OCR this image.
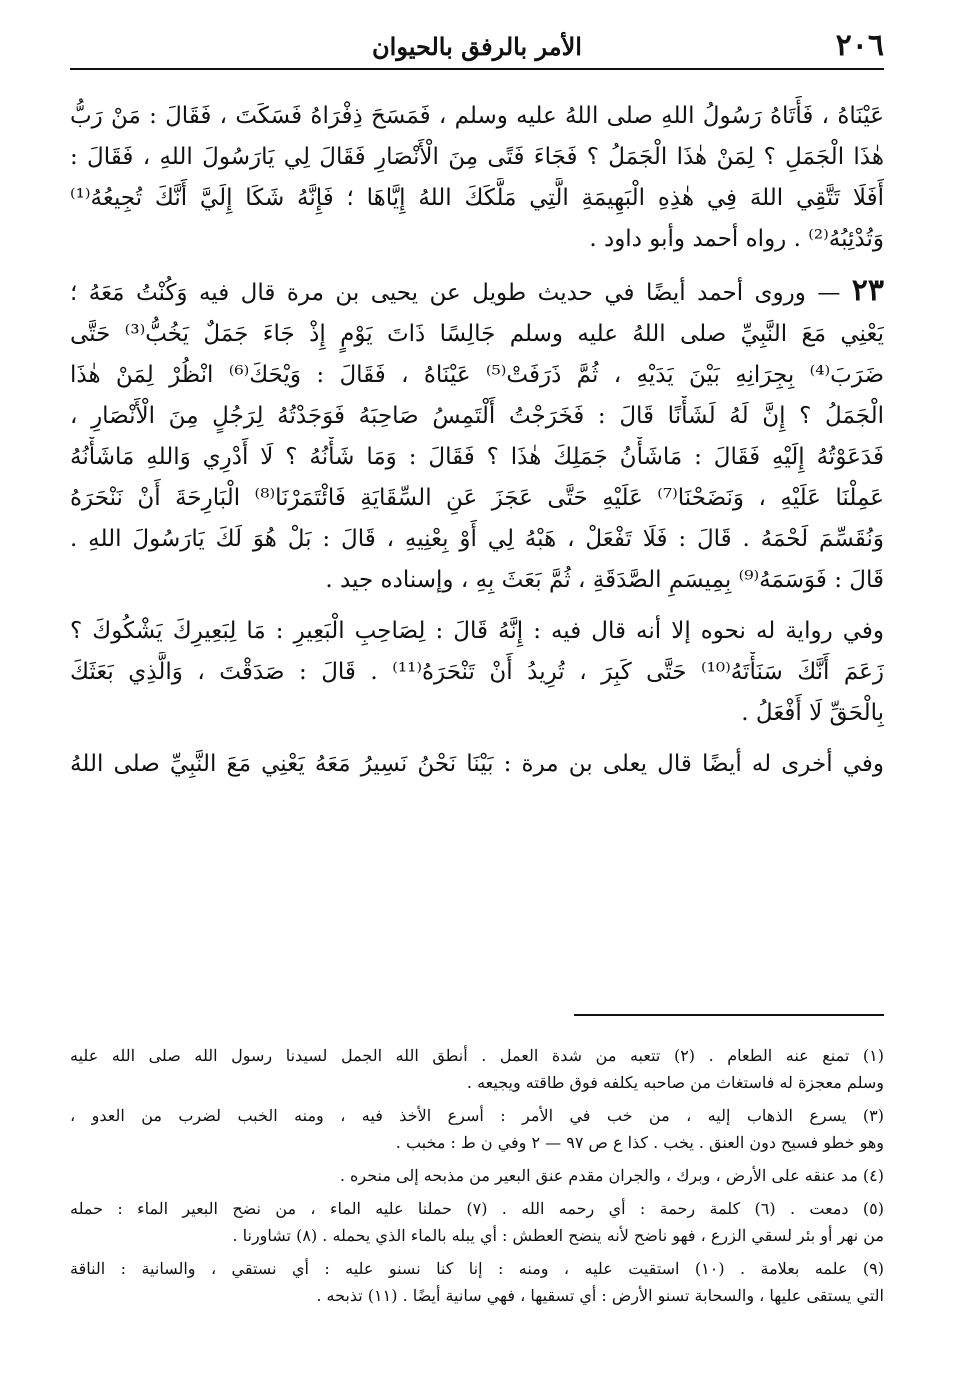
٢٠٦
الأمر بالرفق بالحيوان
عَيْنَاهُ ، فَأَتَاهُ رَسُولُ اللهِ صلى اللهُ عليه وسلم ، فَمَسَحَ ذِفْرَاهُ فَسَكَتَ ، فَقَالَ : مَنْ رَبُّ
هٰذَا الْجَمَلِ ؟ لِمَنْ هٰذَا الْجَمَلُ ؟ فَجَاءَ فَتًى مِنَ الْأَنْصَارِ فَقَالَ لِي يَارَسُولَ اللهِ ، فَقَالَ :
أَفَلَا تَتَّقِي اللهَ فِي هٰذِهِ الْبَهِيمَةِ الَّتِي مَلَّكَكَ اللهُ إِيَّاهَا ؛ فَإِنَّهُ شَكَا إِلَيَّ أَنَّكَ تُجِيعُهُ⁽¹⁾
وَتُدْئِبُهُ⁽²⁾ . رواه أحمد وأبو داود .
٢٣ — وروى أحمد أيضًا في حديث طويل عن يحيى بن مرة قال فيه وَكُنْتُ مَعَهُ ؛
يَعْنِي مَعَ النَّبِيِّ صلى اللهُ عليه وسلم جَالِسًا ذَاتَ يَوْمٍ إِذْ جَاءَ جَمَلٌ يَخُبُّ⁽³⁾ حَتَّى
ضَرَبَ⁽⁴⁾ بِجِرَانِهِ بَيْنَ يَدَيْهِ ، ثُمَّ ذَرَفَتْ⁽⁵⁾ عَيْنَاهُ ، فَقَالَ : وَيْحَكَ⁽⁶⁾ انْظُرْ لِمَنْ هٰذَا
الْجَمَلُ ؟ إِنَّ لَهُ لَشَأْنًا قَالَ : فَخَرَجْتُ أَلْتَمِسُ صَاحِبَهُ فَوَجَدْتُهُ لِرَجُلٍ مِنَ الْأَنْصَارِ ،
فَدَعَوْتُهُ إِلَيْهِ فَقَالَ : مَاشَأْنُ جَمَلِكَ هٰذَا ؟ فَقَالَ : وَمَا شَأْنُهُ ؟ لَا أَدْرِي وَاللهِ مَاشَأْنُهُ
عَمِلْنَا عَلَيْهِ ، وَنَضَحْنَا⁽⁷⁾ عَلَيْهِ حَتَّى عَجَزَ عَنِ السِّقَايَةِ فَائْتَمَرْنَا⁽⁸⁾ الْبَارِحَةَ أَنْ نَنْحَرَهُ
وَنُقَسِّمَ لَحْمَهُ . قَالَ : فَلَا تَفْعَلْ ، هَبْهُ لِي أَوْ بِعْنِيهِ ، قَالَ : بَلْ هُوَ لَكَ يَارَسُولَ اللهِ .
قَالَ : فَوَسَمَهُ⁽⁹⁾ بِمِيسَمِ الصَّدَقَةِ ، ثُمَّ بَعَثَ بِهِ ، وإسناده جيد .
وفي رواية له نحوه إلا أنه قال فيه : إِنَّهُ قَالَ : لِصَاحِبِ الْبَعِيرِ : مَا لِبَعِيرِكَ يَشْكُوكَ ؟
زَعَمَ أَنَّكَ سَنَأْتَهُ⁽¹⁰⁾ حَتَّى كَبِرَ ، تُرِيدُ أَنْ تَنْحَرَهُ⁽¹¹⁾ . قَالَ : صَدَقْتَ ، وَالَّذِي بَعَثَكَ
بِالْحَقِّ لَا أَفْعَلُ .
وفي أخرى له أيضًا قال يعلى بن مرة : بَيْنَا نَحْنُ نَسِيرُ مَعَهُ يَعْنِي مَعَ النَّبِيِّ صلى اللهُ
(١) تمنع عنه الطعام . (٢) تتعبه من شدة العمل . أنطق الله الجمل لسيدنا رسول الله صلى الله عليه
وسلم معجزة له فاستغاث من صاحبه يكلفه فوق طاقته ويجيعه .
(٣) يسرع الذهاب إليه ، من خب في الأمر : أسرع الأخذ فيه ، ومنه الخبب لضرب من العدو ،
وهو خطو فسيح دون العنق . يخب . كذا ع ص ٩٧ — ٢ وفي ن ط : مخبب .
(٤) مد عنقه على الأرض ، وبرك ، والجران مقدم عنق البعير من مذبحه إلى منحره .
(٥) دمعت . (٦) كلمة رحمة : أي رحمه الله . (٧) حملنا عليه الماء ، من نضح البعير الماء : حمله
من نهر أو بئر لسقي الزرع ، فهو ناضح لأنه ينضح العطش : أي يبله بالماء الذي يحمله . (٨) تشاورنا .
(٩) علمه بعلامة . (١٠) استقيت عليه ، ومنه : إنا كنا نسنو عليه : أي نستقي ، والسانية : الناقة
التي يستقى عليها ، والسحابة تسنو الأرض : أي تسقيها ، فهي سانية أيضًا . (١١) تذبحه .
